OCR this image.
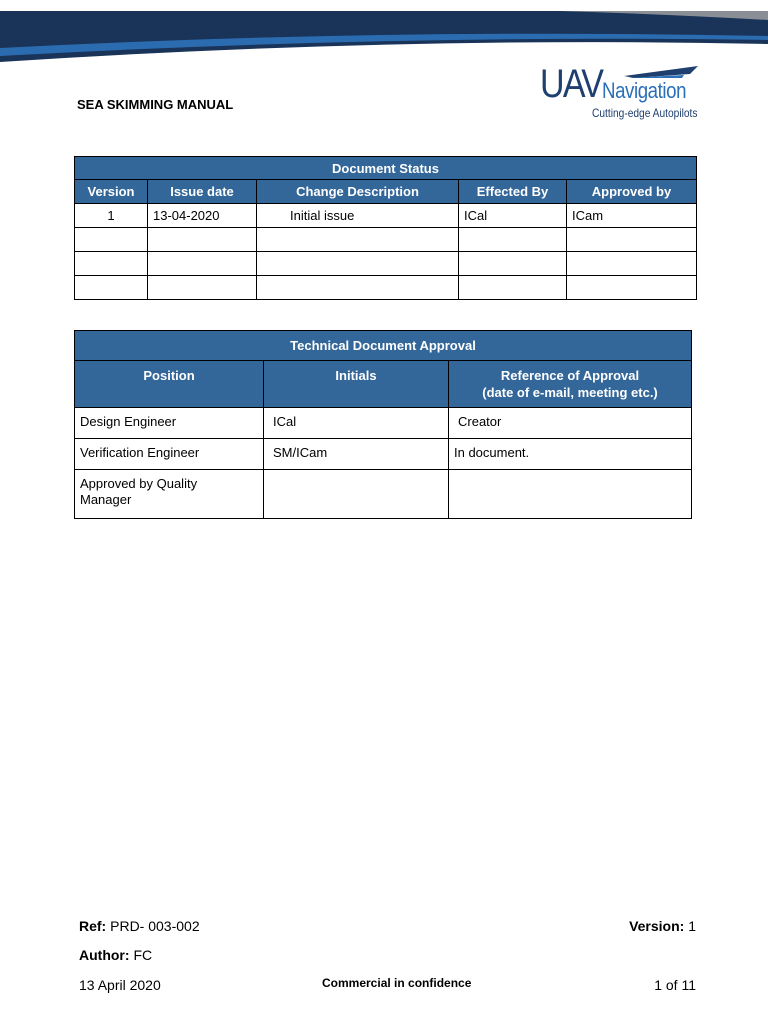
SEA SKIMMING MANUAL	UAV Navigation
Cutting-edge Autopilots
Document Status				
Version	Issue date	Change Description	Effected By	Approved by
1	13-04-2020	Initial issue	ICal	ICam

Technical Document Approval		
Position	Initials	Reference of Approval
(date of e-mail, meeting etc.)

Design Engineer	ICal	Creator
Verification Engineer	SM/ICam	In document.
Approved by Quality Manager		
Ref: PRD- 003-002	Version: 1
Author: FC
13 April 2020	Commercial in confidence	1 of 11
